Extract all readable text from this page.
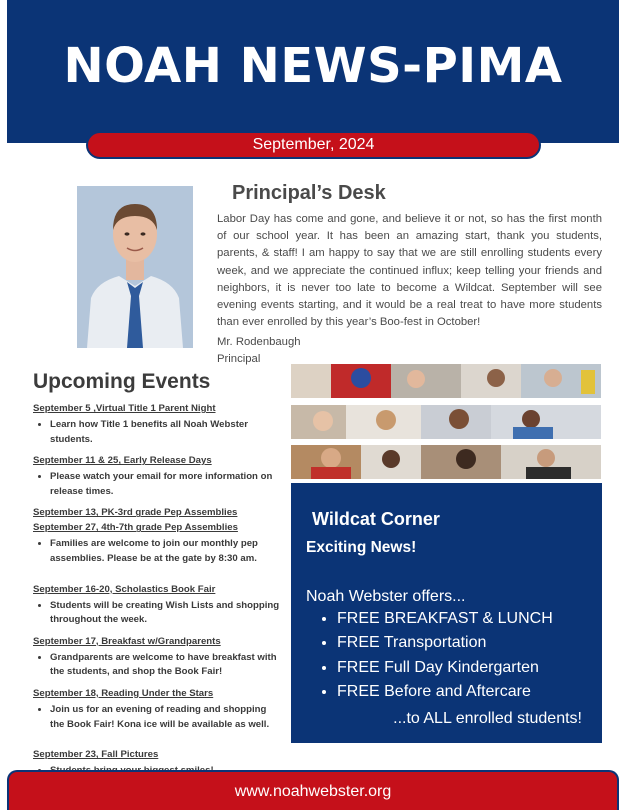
NOAH NEWS-PIMA
September, 2024
Principal’s Desk
Labor Day has come and gone, and believe it or not, so has the first month of our school year. It has been an amazing start, thank you students, parents, & staff! I am happy to say that we are still enrolling students every week, and we appreciate the continued influx; keep telling your friends and neighbors, it is never too late to become a Wildcat. September will see evening events starting, and it would be a real treat to have more students than ever enrolled by this year’s Boo-fest in October!
Mr. Rodenbaugh
Principal
Upcoming Events
September 5 ,Virtual Title 1 Parent Night
• Learn how Title 1 benefits all Noah Webster students.
September 11 & 25, Early Release Days
• Please watch your email for more information on release times.
September 13, PK-3rd grade Pep Assemblies
September 27, 4th-7th grade Pep Assemblies
• Families are welcome to join our monthly pep assemblies. Please be at the gate by 8:30 am.
September 16-20, Scholastics Book Fair
• Students will be creating Wish Lists and shopping throughout the week.
September 17, Breakfast w/Grandparents
• Grandparents are welcome to have breakfast with the students, and shop the Book Fair!
September 18, Reading Under the Stars
• Join us for an evening of reading and shopping the Book Fair! Kona ice will be available as well.
September 23, Fall Pictures
•
Wildcat Corner
Exciting News!
Noah Webster offers...
• FREE BREAKFAST & LUNCH
• FREE Transportation
• FREE Full Day Kindergarten
• FREE Before and Aftercare
...to ALL enrolled students!
www.noahwebster.org
